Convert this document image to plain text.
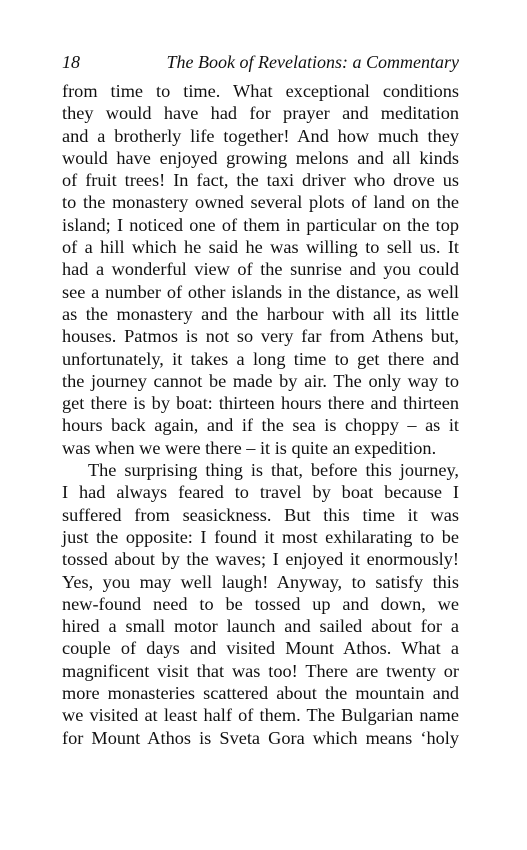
18	The Book of Revelations: a Commentary
from time to time. What exceptional conditions
they would have had for prayer and meditation
and a brotherly life together! And how much they
would have enjoyed growing melons and all kinds
of fruit trees! In fact, the taxi driver who drove us
to the monastery owned several plots of land on the
island; I noticed one of them in particular on the top
of a hill which he said he was willing to sell us. It
had a wonderful view of the sunrise and you could
see a number of other islands in the distance, as well
as the monastery and the harbour with all its little
houses. Patmos is not so very far from Athens but,
unfortunately, it takes a long time to get there and
the journey cannot be made by air. The only way to
get there is by boat: thirteen hours there and thirteen
hours back again, and if the sea is choppy – as it
was when we were there – it is quite an expedition.
The surprising thing is that, before this journey,
I had always feared to travel by boat because I
suffered from seasickness. But this time it was
just the opposite: I found it most exhilarating to be
tossed about by the waves; I enjoyed it enormously!
Yes, you may well laugh! Anyway, to satisfy this
new-found need to be tossed up and down, we
hired a small motor launch and sailed about for a
couple of days and visited Mount Athos. What a
magnificent visit that was too! There are twenty or
more monasteries scattered about the mountain and
we visited at least half of them. The Bulgarian name
for Mount Athos is Sveta Gora which means ‘holy
